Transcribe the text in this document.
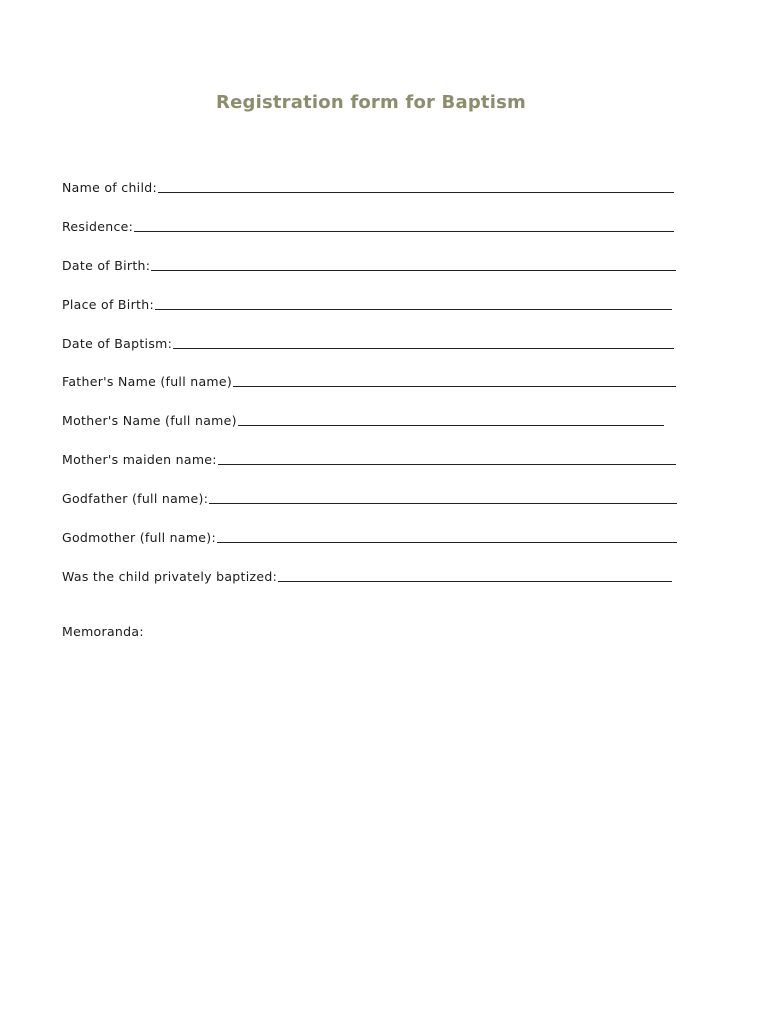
Registration form for Baptism
Name of child:
Residence:
Date of Birth:
Place of Birth:
Date of Baptism:
Father's Name (full name)
Mother's Name (full name)
Mother's maiden name:
Godfather (full name):
Godmother (full name):
Was the child privately baptized:
Memoranda:
